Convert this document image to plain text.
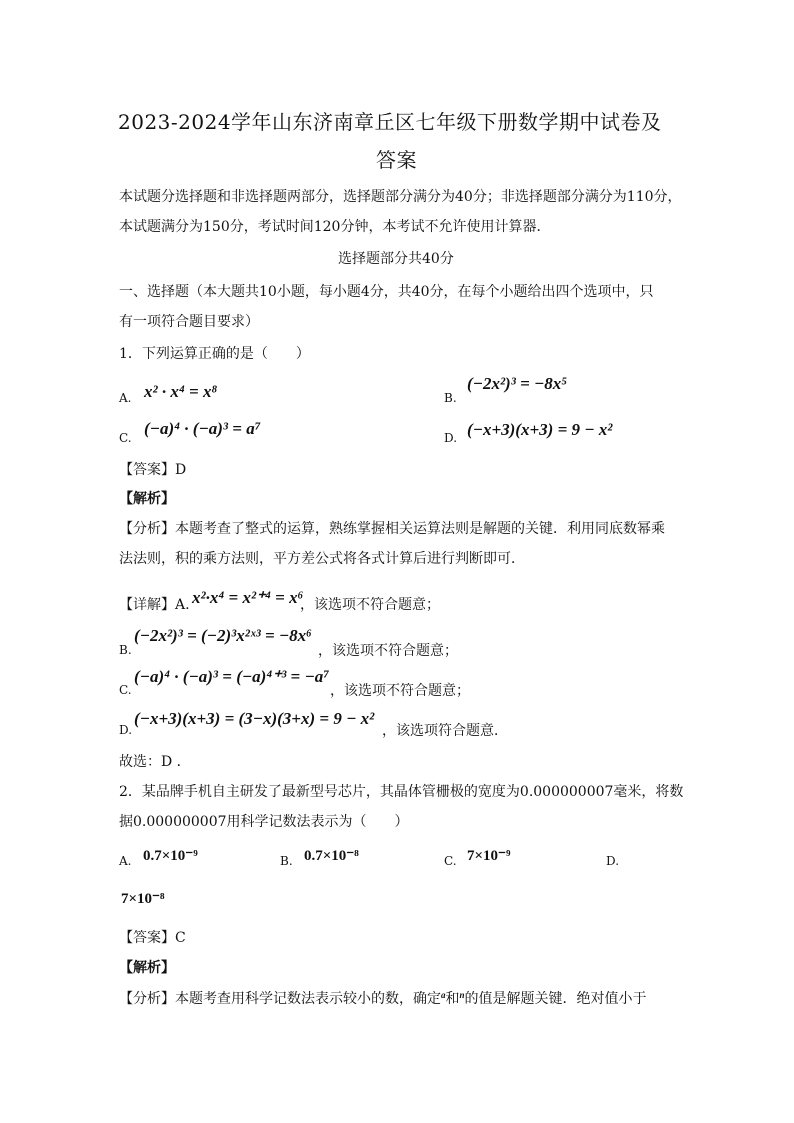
2023-2024学年山东济南章丘区七年级下册数学期中试卷及
答案
本试题分选择题和非选择题两部分，选择题部分满分为40分；非选择题部分满分为110分，
本试题满分为150分，考试时间120分钟，本考试不允许使用计算器．
选择题部分共40分
一、选择题（本大题共10小题，每小题4分，共40分，在每个小题给出四个选项中，只
有一项符合题目要求）
1．下列运算正确的是（　　）
A. x² · x⁴ = x⁸	B.
(−2x²)³ = −8x⁵
C. (−a)⁴ · (−a)³ = a⁷	D. (−x+3)(x+3) = 9 − x²
【答案】D
【解析】
【分析】本题考查了整式的运算，熟练掌握相关运算法则是解题的关键．利用同底数幂乘
法法则，积的乘方法则，平方差公式将各式计算后进行判断即可．
【详解】A. x²·x⁴ = x²⁺⁴ = x⁶
，该选项不符合题意；
B.
(−2x²)³ = (−2)³x²ˣ³ = −8x⁶
，该选项不符合题意；
C.
(−a)⁴ · (−a)³ = (−a)⁴⁺³ = −a⁷
，该选项不符合题意；
D.
(−x+3)(x+3) = (3−x)(3+x) = 9 − x²
，该选项符合题意．
故选：D ．
2．某品牌手机自主研发了最新型号芯片，其晶体管栅极的宽度为0.000000007毫米，将数
据0.000000007用科学记数法表示为（　　）
A. 0.7×10⁻⁹	B. 0.7×10⁻⁸	C. 7×10⁻⁹	D.
7×10⁻⁸
【答案】C
【解析】
【分析】本题考查用科学记数法表示较小的数，确定$^a$和$^n$的值是解题关键．绝对值小于
